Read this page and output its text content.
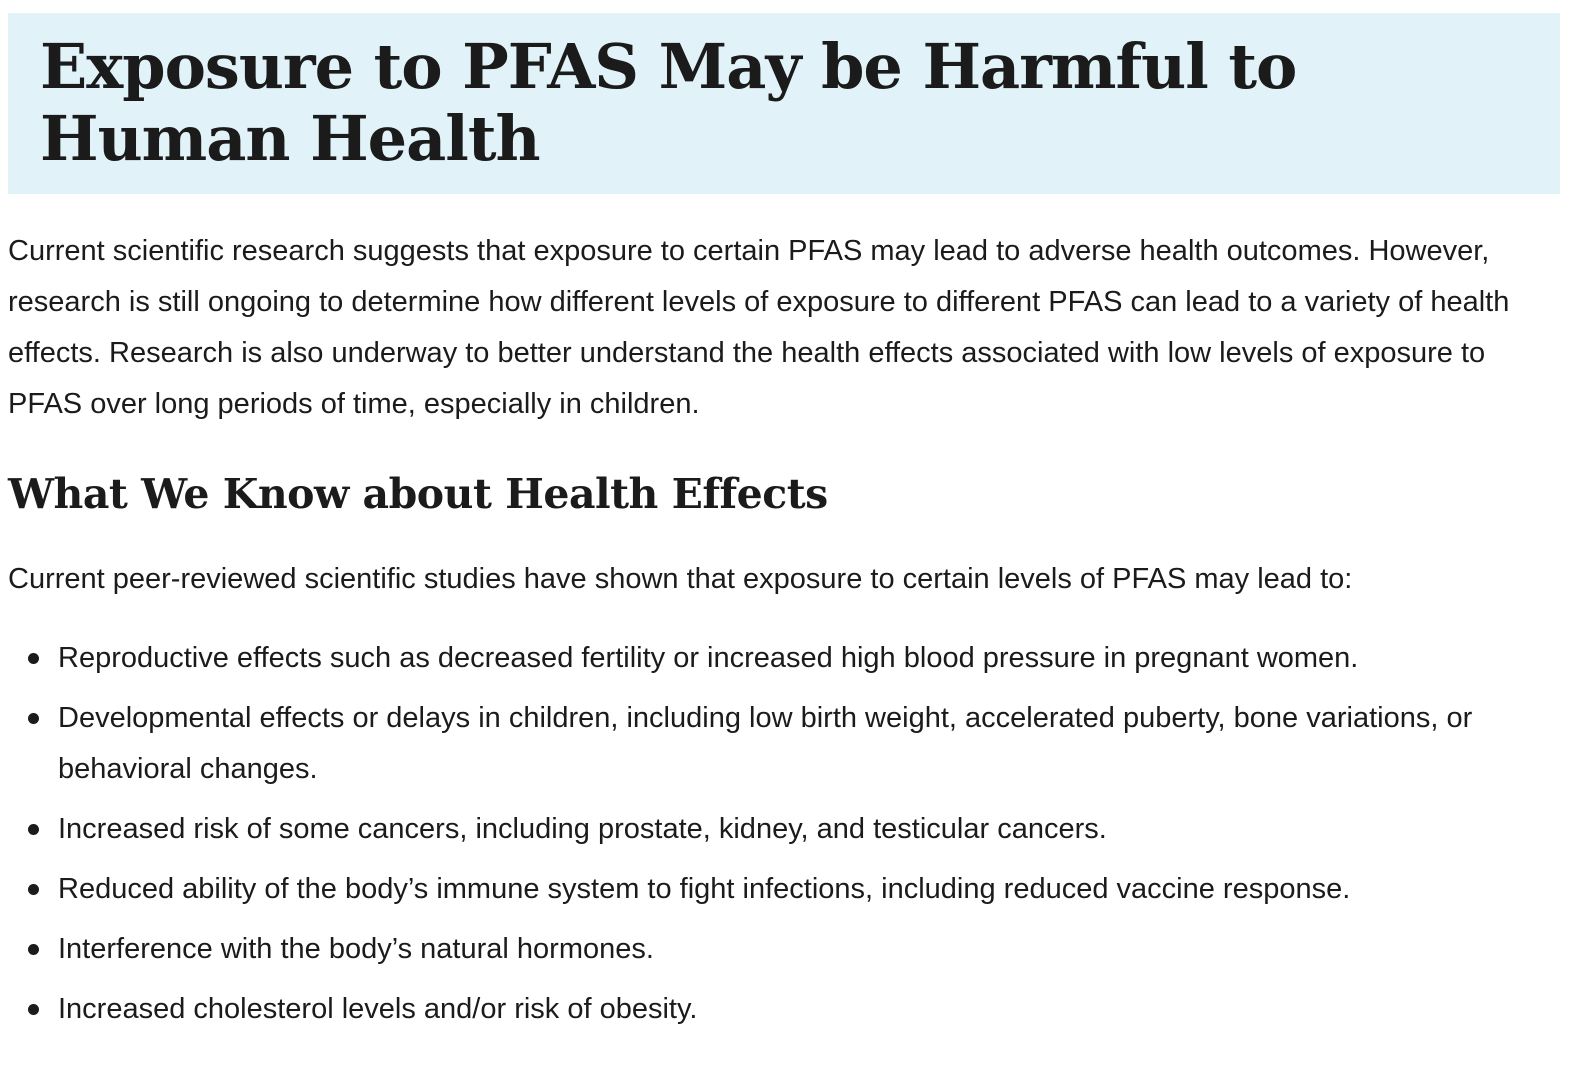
Exposure to PFAS May be Harmful to Human Health

Current scientific research suggests that exposure to certain PFAS may lead to adverse health outcomes. However, research is still ongoing to determine how different levels of exposure to different PFAS can lead to a variety of health effects. Research is also underway to better understand the health effects associated with low levels of exposure to PFAS over long periods of time, especially in children.

What We Know about Health Effects

Current peer-reviewed scientific studies have shown that exposure to certain levels of PFAS may lead to:

Reproductive effects such as decreased fertility or increased high blood pressure in pregnant women.
Developmental effects or delays in children, including low birth weight, accelerated puberty, bone variations, or behavioral changes.
Increased risk of some cancers, including prostate, kidney, and testicular cancers.
Reduced ability of the body’s immune system to fight infections, including reduced vaccine response.
Interference with the body’s natural hormones.
Increased cholesterol levels and/or risk of obesity.
